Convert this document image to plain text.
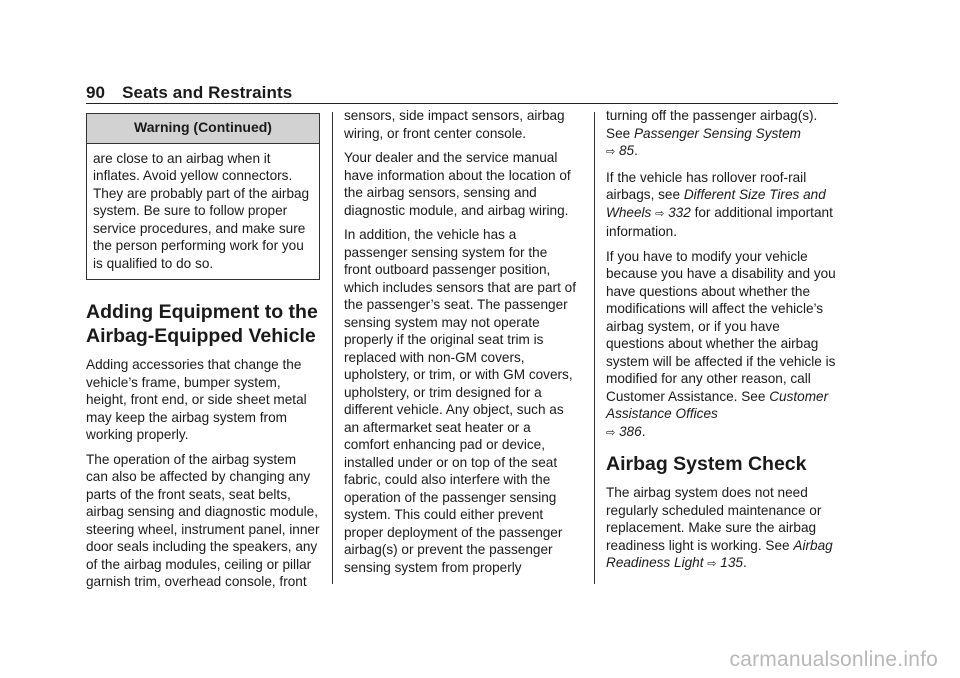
90 Seats and Restraints
Warning (Continued)
are close to an airbag when it inflates. Avoid yellow connectors. They are probably part of the airbag system. Be sure to follow proper service procedures, and make sure the person performing work for you is qualified to do so.
Adding Equipment to the Airbag-Equipped Vehicle

Adding accessories that change the vehicle’s frame, bumper system, height, front end, or side sheet metal may keep the airbag system from working properly.

The operation of the airbag system can also be affected by changing any parts of the front seats, seat belts, airbag sensing and diagnostic module, steering wheel, instrument panel, inner door seals including the speakers, any of the airbag modules, ceiling or pillar garnish trim, overhead console, front

sensors, side impact sensors, airbag wiring, or front center console.

Your dealer and the service manual have information about the location of the airbag sensors, sensing and diagnostic module, and airbag wiring.

In addition, the vehicle has a passenger sensing system for the front outboard passenger position, which includes sensors that are part of the passenger’s seat. The passenger sensing system may not operate properly if the original seat trim is replaced with non-GM covers, upholstery, or trim, or with GM covers, upholstery, or trim designed for a different vehicle. Any object, such as an aftermarket seat heater or a comfort enhancing pad or device, installed under or on top of the seat fabric, could also interfere with the operation of the passenger sensing system. This could either prevent proper deployment of the passenger airbag(s) or prevent the passenger sensing system from properly

turning off the passenger airbag(s). See Passenger Sensing System
⇨ 85.

If the vehicle has rollover roof-rail airbags, see Different Size Tires and Wheels ⇨ 332 for additional important information.

If you have to modify your vehicle because you have a disability and you have questions about whether the modifications will affect the vehicle’s airbag system, or if you have questions about whether the airbag system will be affected if the vehicle is modified for any other reason, call Customer Assistance. See Customer Assistance Offices
⇨ 386.

Airbag System Check

The airbag system does not need regularly scheduled maintenance or replacement. Make sure the airbag readiness light is working. See Airbag Readiness Light ⇨ 135.

carmanualsonline.info
